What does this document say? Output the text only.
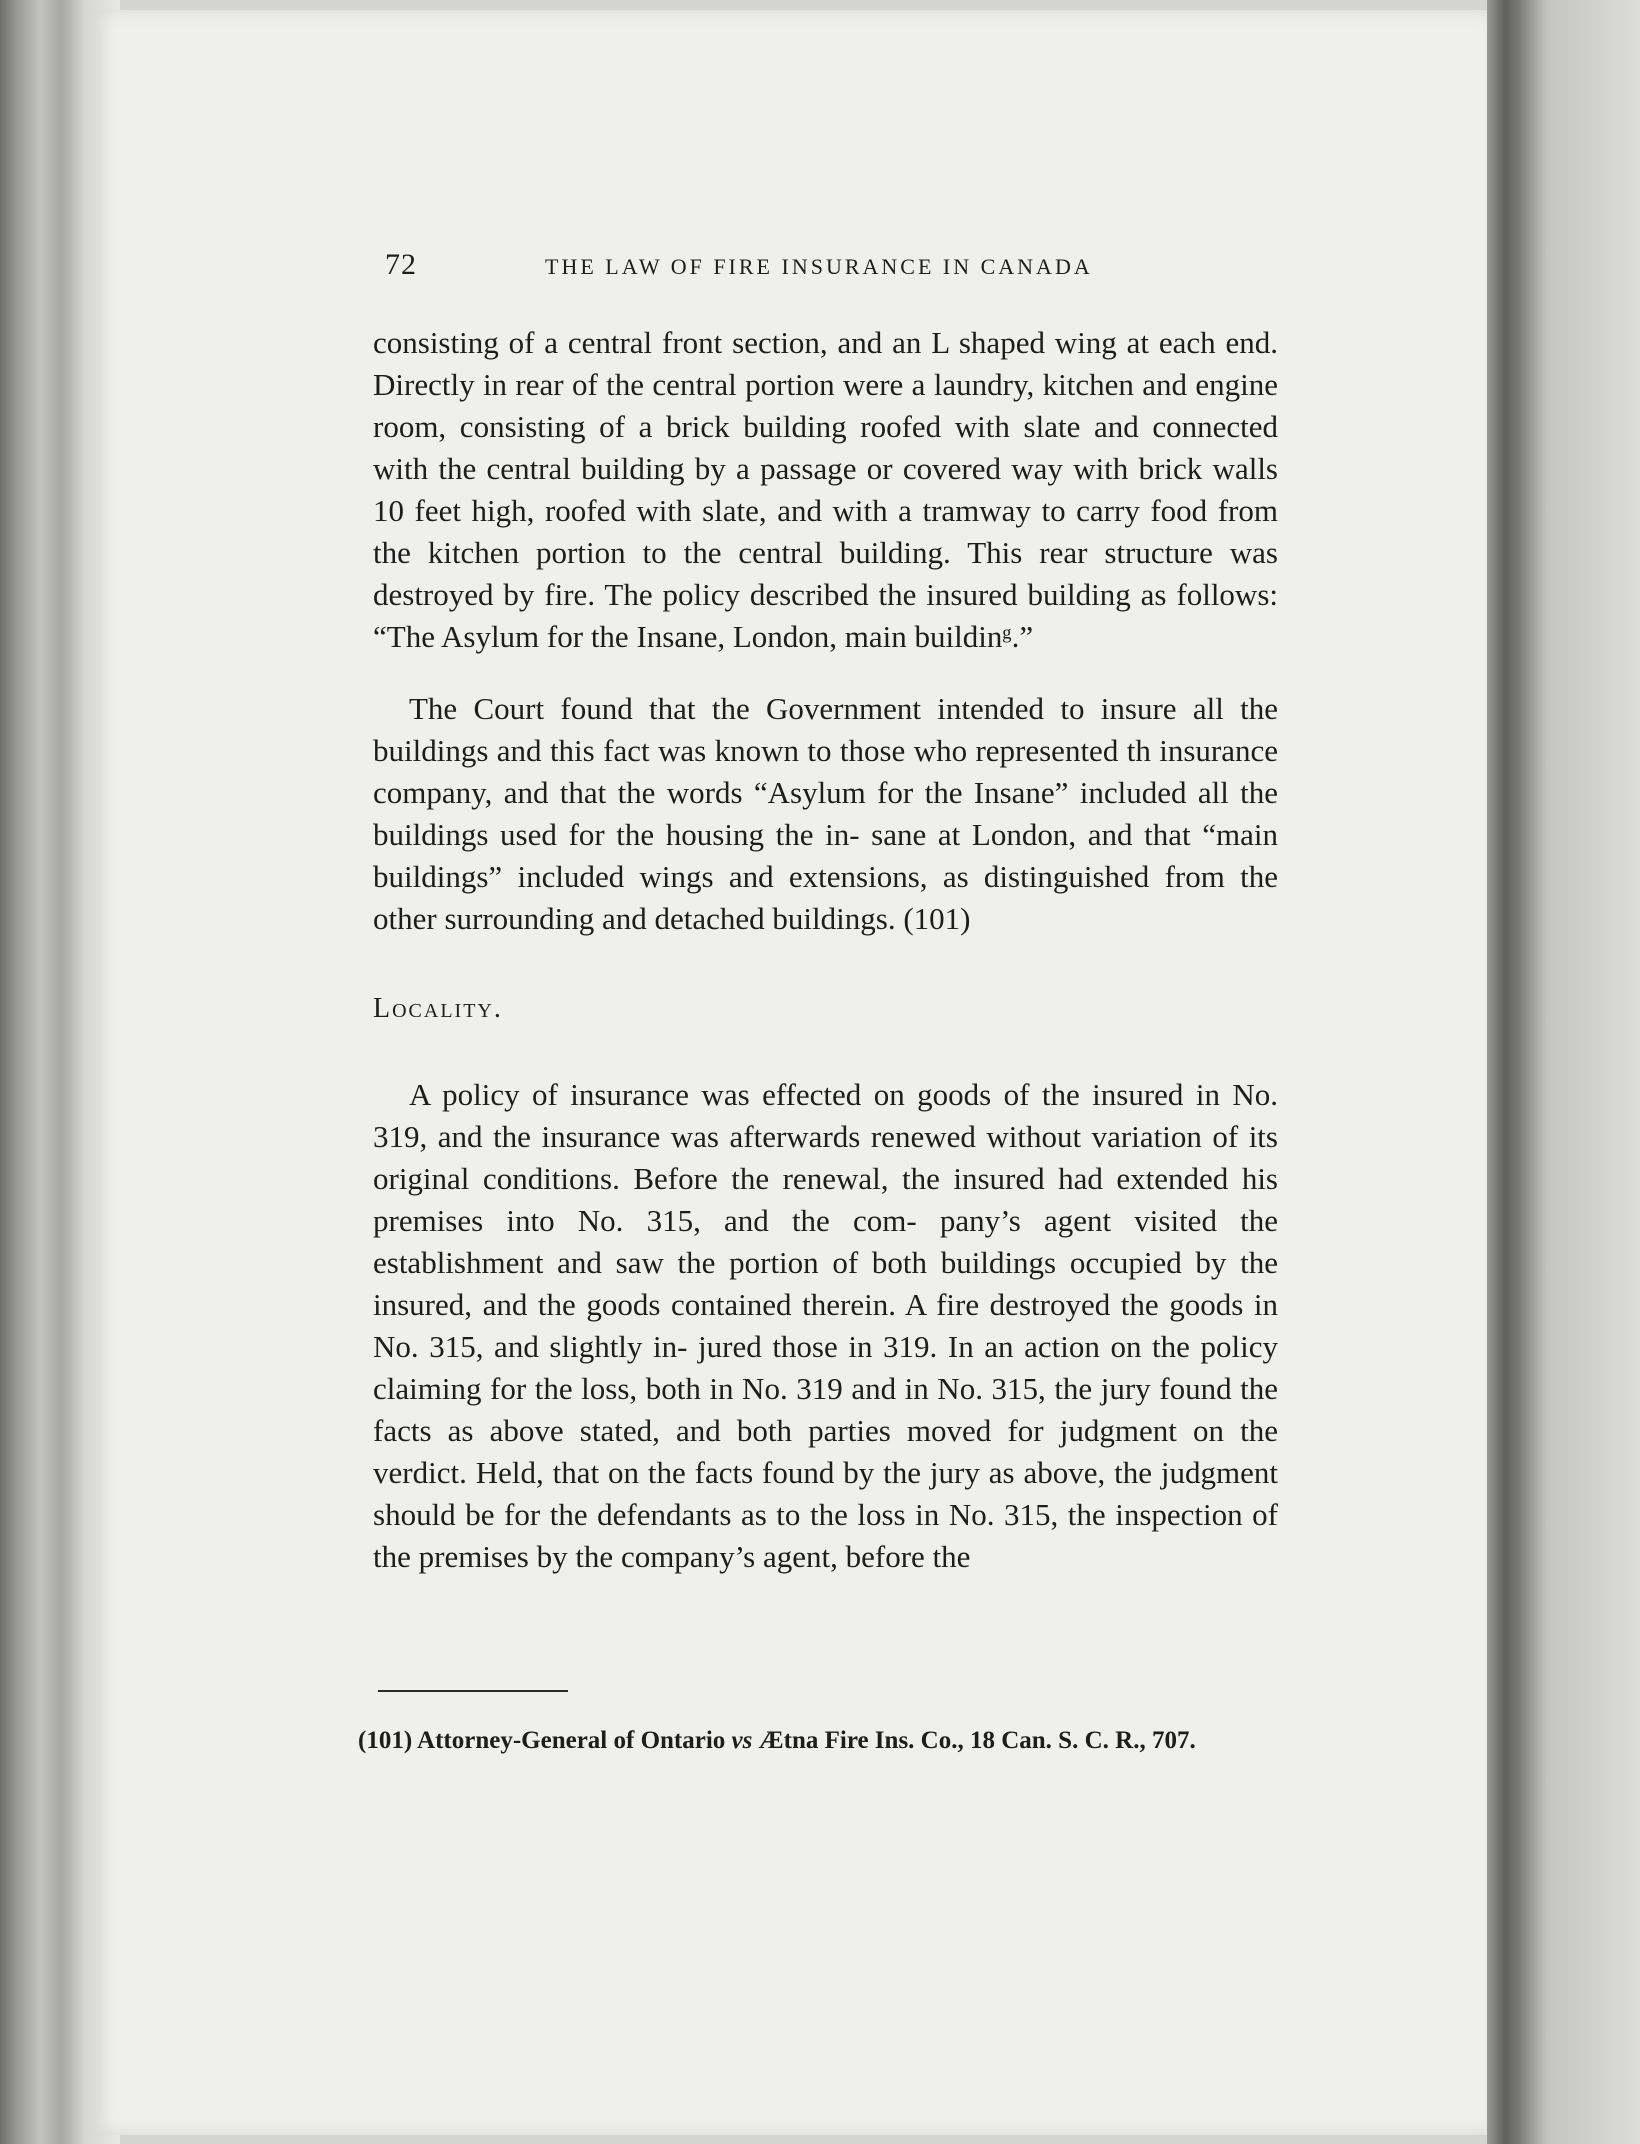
72	THE LAW OF FIRE INSURANCE IN CANADA

consisting of a central front section, and an L shaped wing at each end. Directly in rear of the central portion were a laundry, kitchen and engine room, consisting of a brick building roofed with slate and connected with the central building by a passage or covered way with brick walls 10 feet high, roofed with slate, and with a tramway to carry food from the kitchen portion to the central building. This rear structure was destroyed by fire. The policy described the insured building as follows: “The Asylum for the Insane, London, main buildinᵍ.”

The Court found that the Government intended to insure all the buildings and this fact was known to those who represented th insurance company, and that the words “Asylum for the Insane” included all the buildings used for the housing the in- sane at London, and that “main buildings” included wings and extensions, as distinguished from the other surrounding and detached buildings. (101)

Locality.

A policy of insurance was effected on goods of the insured in No. 319, and the insurance was afterwards renewed without variation of its original conditions. Before the renewal, the insured had extended his premises into No. 315, and the com- pany’s agent visited the establishment and saw the portion of both buildings occupied by the insured, and the goods contained therein. A fire destroyed the goods in No. 315, and slightly in- jured those in 319. In an action on the policy claiming for the loss, both in No. 319 and in No. 315, the jury found the facts as above stated, and both parties moved for judgment on the verdict. Held, that on the facts found by the jury as above, the judgment should be for the defendants as to the loss in No. 315, the inspection of the premises by the company’s agent, before the

(101) Attorney-General of Ontario vs Ætna Fire Ins. Co., 18 Can. S. C. R., 707.
